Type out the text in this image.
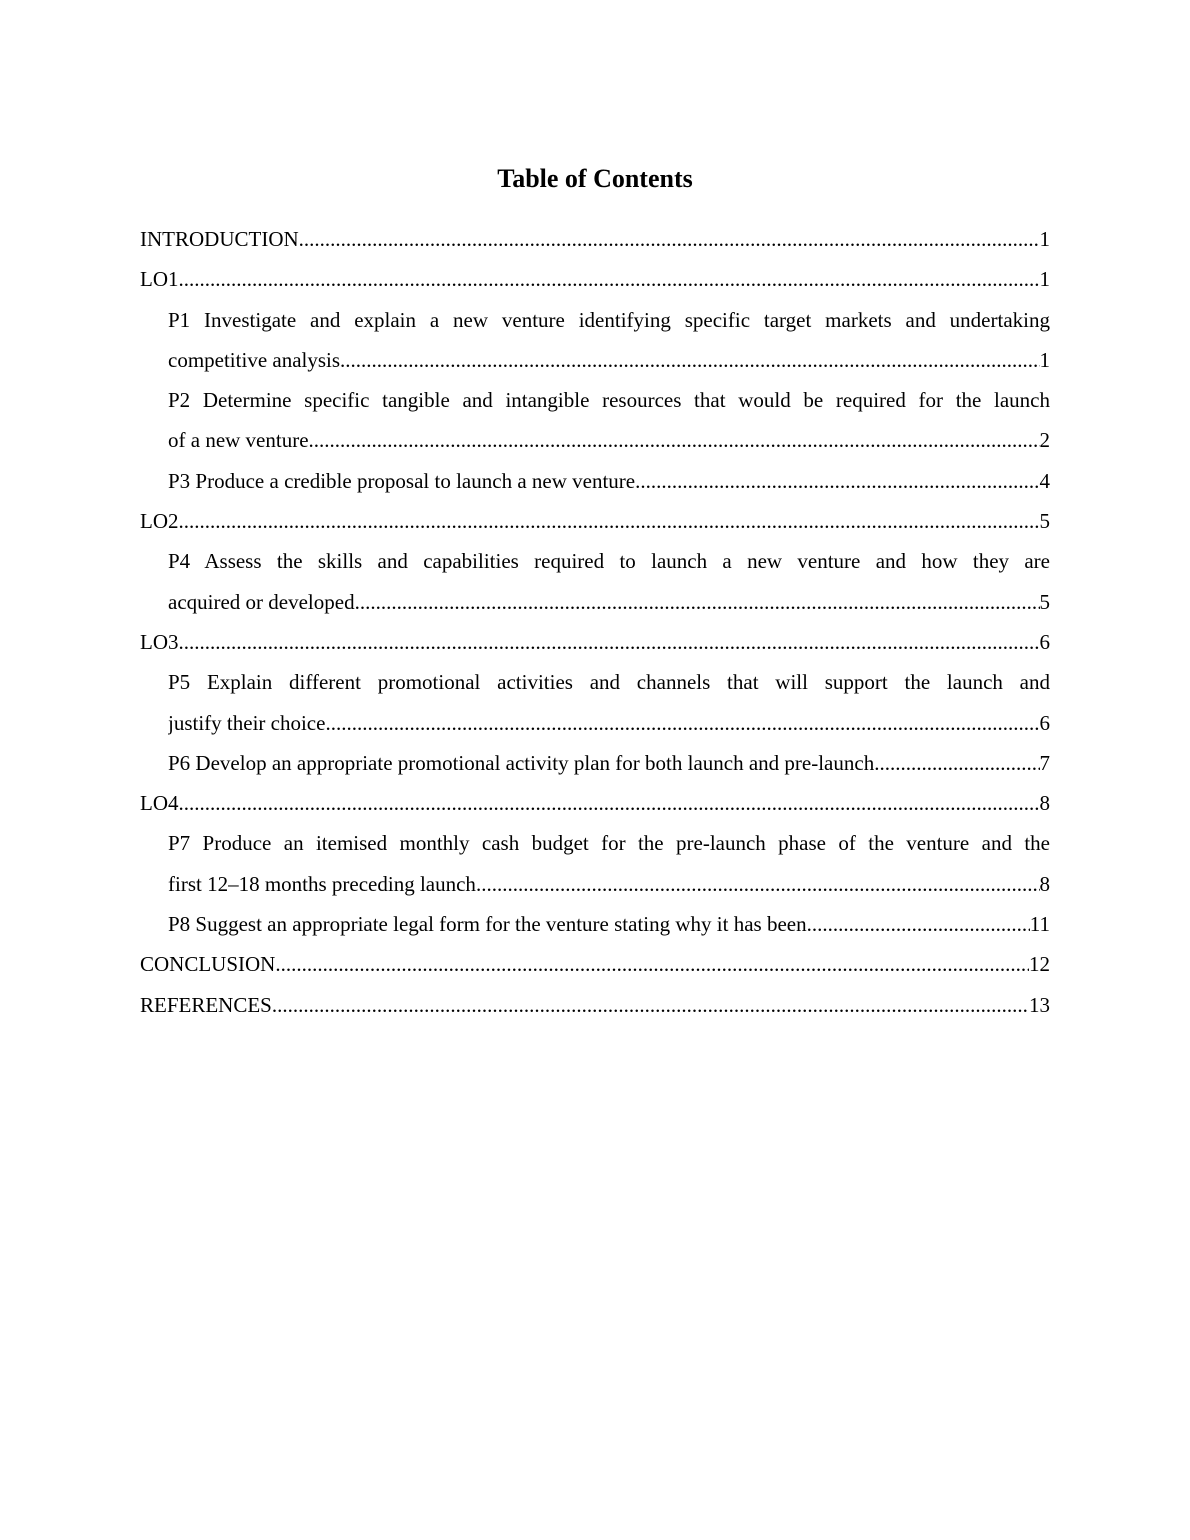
Table of Contents
INTRODUCTION .....	1
LO1 .....	1
P1 Investigate and explain a new venture identifying specific target markets and undertaking
competitive analysis .....	1
P2 Determine specific tangible and intangible resources that would be required for the launch
of a new venture .....	2
P3 Produce a credible proposal to launch a new venture .....	4
LO2 .....	5
P4 Assess the skills and capabilities required to launch a new venture and how they are
acquired or developed .....	5
LO3 .....	6
P5 Explain different promotional activities and channels that will support the launch and
justify their choice .....	6
P6 Develop an appropriate promotional activity plan for both launch and pre-launch .....	7
LO4 .....	8
P7 Produce an itemised monthly cash budget for the pre-launch phase of the venture and the
first 12–18 months preceding launch .....	8
P8 Suggest an appropriate legal form for the venture stating why it has been .....	11
CONCLUSION .....	12
REFERENCES .....	13
